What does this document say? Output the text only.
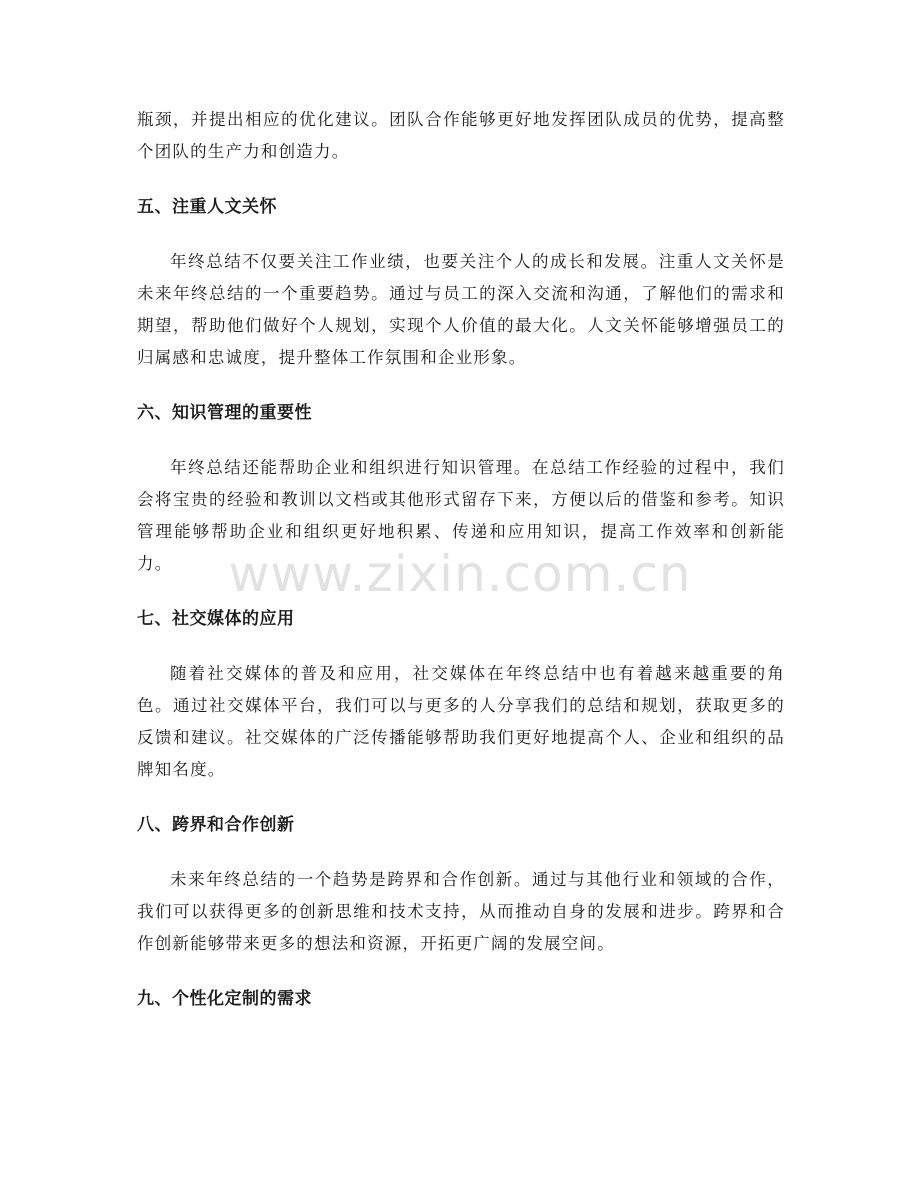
瓶颈，并提出相应的优化建议。团队合作能够更好地发挥团队成员的优势，提高整个团队的生产力和创造力。

五、注重人文关怀

年终总结不仅要关注工作业绩，也要关注个人的成长和发展。注重人文关怀是未来年终总结的一个重要趋势。通过与员工的深入交流和沟通，了解他们的需求和期望，帮助他们做好个人规划，实现个人价值的最大化。人文关怀能够增强员工的归属感和忠诚度，提升整体工作氛围和企业形象。

六、知识管理的重要性

年终总结还能帮助企业和组织进行知识管理。在总结工作经验的过程中，我们会将宝贵的经验和教训以文档或其他形式留存下来，方便以后的借鉴和参考。知识管理能够帮助企业和组织更好地积累、传递和应用知识，提高工作效率和创新能力。

七、社交媒体的应用

随着社交媒体的普及和应用，社交媒体在年终总结中也有着越来越重要的角色。通过社交媒体平台，我们可以与更多的人分享我们的总结和规划，获取更多的反馈和建议。社交媒体的广泛传播能够帮助我们更好地提高个人、企业和组织的品牌知名度。

八、跨界和合作创新

未来年终总结的一个趋势是跨界和合作创新。通过与其他行业和领域的合作，我们可以获得更多的创新思维和技术支持，从而推动自身的发展和进步。跨界和合作创新能够带来更多的想法和资源，开拓更广阔的发展空间。

九、个性化定制的需求
www.zixin.com.cn
